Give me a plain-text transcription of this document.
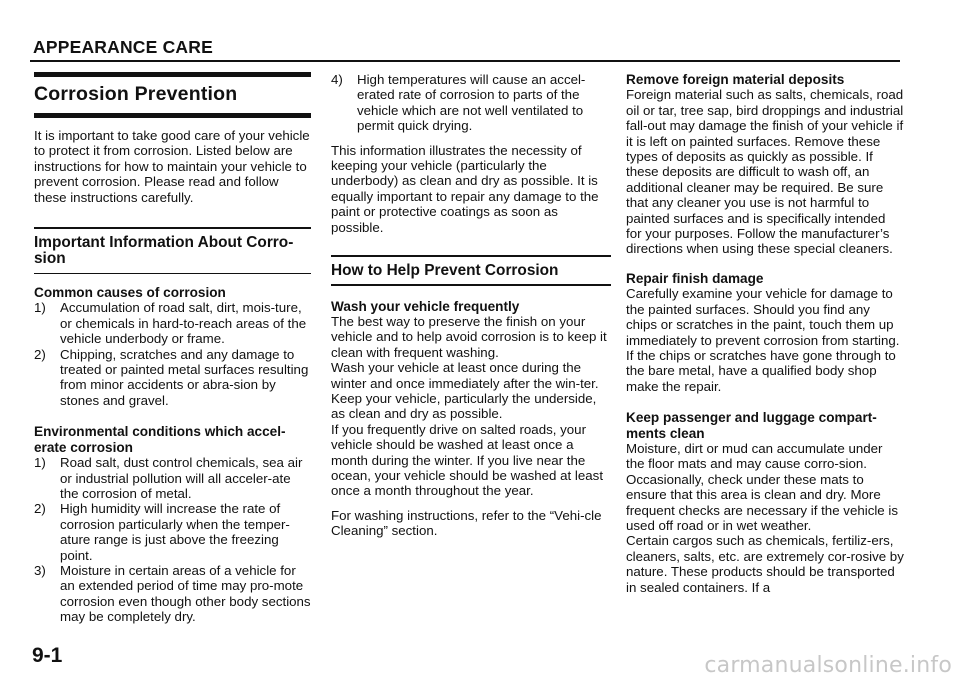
APPEARANCE CARE
Corrosion Prevention

It is important to take good care of your vehicle to protect it from corrosion. Listed below are instructions for how to maintain your vehicle to prevent corrosion. Please read and follow these instructions carefully.

Important Information About Corro-sion
Common causes of corrosion
1) Accumulation of road salt, dirt, mois-ture, or chemicals in hard-to-reach areas of the vehicle underbody or frame.
2) Chipping, scratches and any damage to treated or painted metal surfaces resulting from minor accidents or abra-sion by stones and gravel.
Environmental conditions which accel-erate corrosion
1) Road salt, dust control chemicals, sea air or industrial pollution will all acceler-ate the corrosion of metal.
2) High humidity will increase the rate of corrosion particularly when the temper-ature range is just above the freezing point.
3) Moisture in certain areas of a vehicle for an extended period of time may pro-mote corrosion even though other body sections may be completely dry.
4) High temperatures will cause an accel-erated rate of corrosion to parts of the vehicle which are not well ventilated to permit quick drying.

This information illustrates the necessity of keeping your vehicle (particularly the underbody) as clean and dry as possible. It is equally important to repair any damage to the paint or protective coatings as soon as possible.

How to Help Prevent Corrosion
Wash your vehicle frequently

The best way to preserve the finish on your vehicle and to help avoid corrosion is to keep it clean with frequent washing.

Wash your vehicle at least once during the winter and once immediately after the win-ter. Keep your vehicle, particularly the underside, as clean and dry as possible.

If you frequently drive on salted roads, your vehicle should be washed at least once a month during the winter. If you live near the ocean, your vehicle should be washed at least once a month throughout the year.

For washing instructions, refer to the “Vehi-cle Cleaning” section.

Remove foreign material deposits

Foreign material such as salts, chemicals, road oil or tar, tree sap, bird droppings and industrial fall-out may damage the finish of your vehicle if it is left on painted surfaces. Remove these types of deposits as quickly as possible. If these deposits are difficult to wash off, an additional cleaner may be required. Be sure that any cleaner you use is not harmful to painted surfaces and is specifically intended for your purposes. Follow the manufacturer’s directions when using these special cleaners.

Repair finish damage

Carefully examine your vehicle for damage to the painted surfaces. Should you find any chips or scratches in the paint, touch them up immediately to prevent corrosion from starting. If the chips or scratches have gone through to the bare metal, have a qualified body shop make the repair.

Keep passenger and luggage compart-ments clean

Moisture, dirt or mud can accumulate under the floor mats and may cause corro-sion. Occasionally, check under these mats to ensure that this area is clean and dry. More frequent checks are necessary if the vehicle is used off road or in wet weather.

Certain cargos such as chemicals, fertiliz-ers, cleaners, salts, etc. are extremely cor-rosive by nature. These products should be transported in sealed containers. If a

9-1	carmanualsonline.info
